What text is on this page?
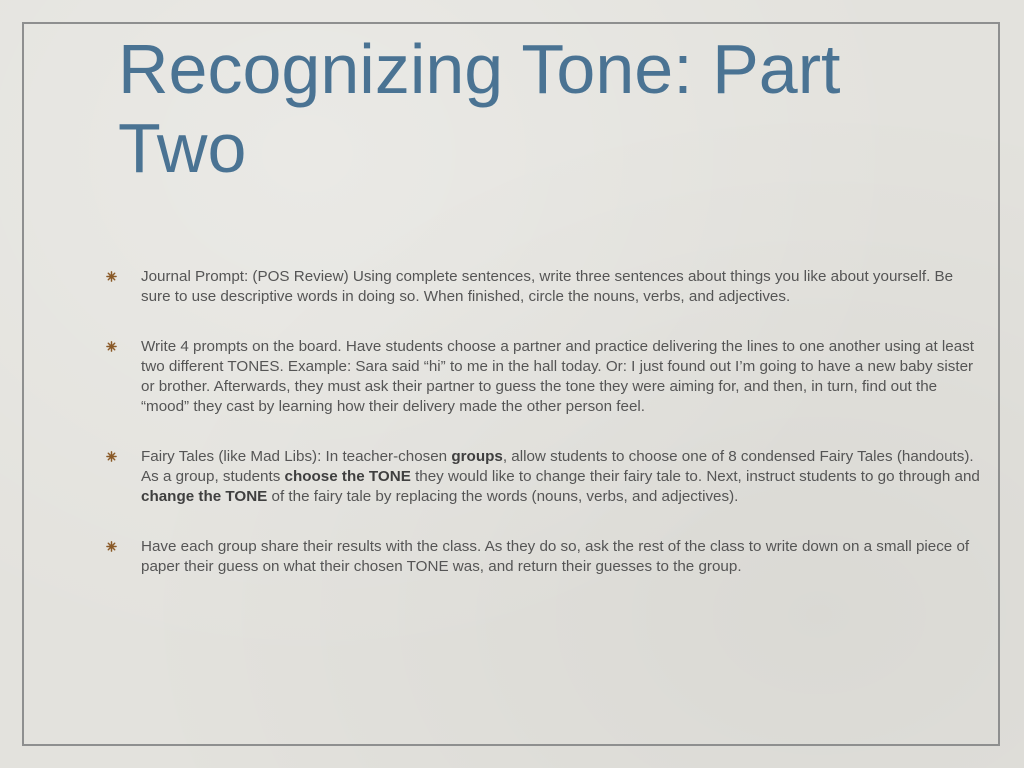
Recognizing Tone: Part Two
Journal Prompt: (POS Review) Using complete sentences, write three sentences about things you like about yourself. Be sure to use descriptive words in doing so. When finished, circle the nouns, verbs, and adjectives.
Write 4 prompts on the board. Have students choose a partner and practice delivering the lines to one another using at least two different TONES. Example: Sara said “hi” to me in the hall today. Or: I just found out I’m going to have a new baby sister or brother. Afterwards, they must ask their partner to guess the tone they were aiming for, and then, in turn, find out the “mood” they cast by learning how their delivery made the other person feel.
Fairy Tales (like Mad Libs): In teacher-chosen groups, allow students to choose one of 8 condensed Fairy Tales (handouts). As a group, students choose the TONE they would like to change their fairy tale to. Next, instruct students to go through and change the TONE of the fairy tale by replacing the words (nouns, verbs, and adjectives).
Have each group share their results with the class. As they do so, ask the rest of the class to write down on a small piece of paper their guess on what their chosen TONE was, and return their guesses to the group.
